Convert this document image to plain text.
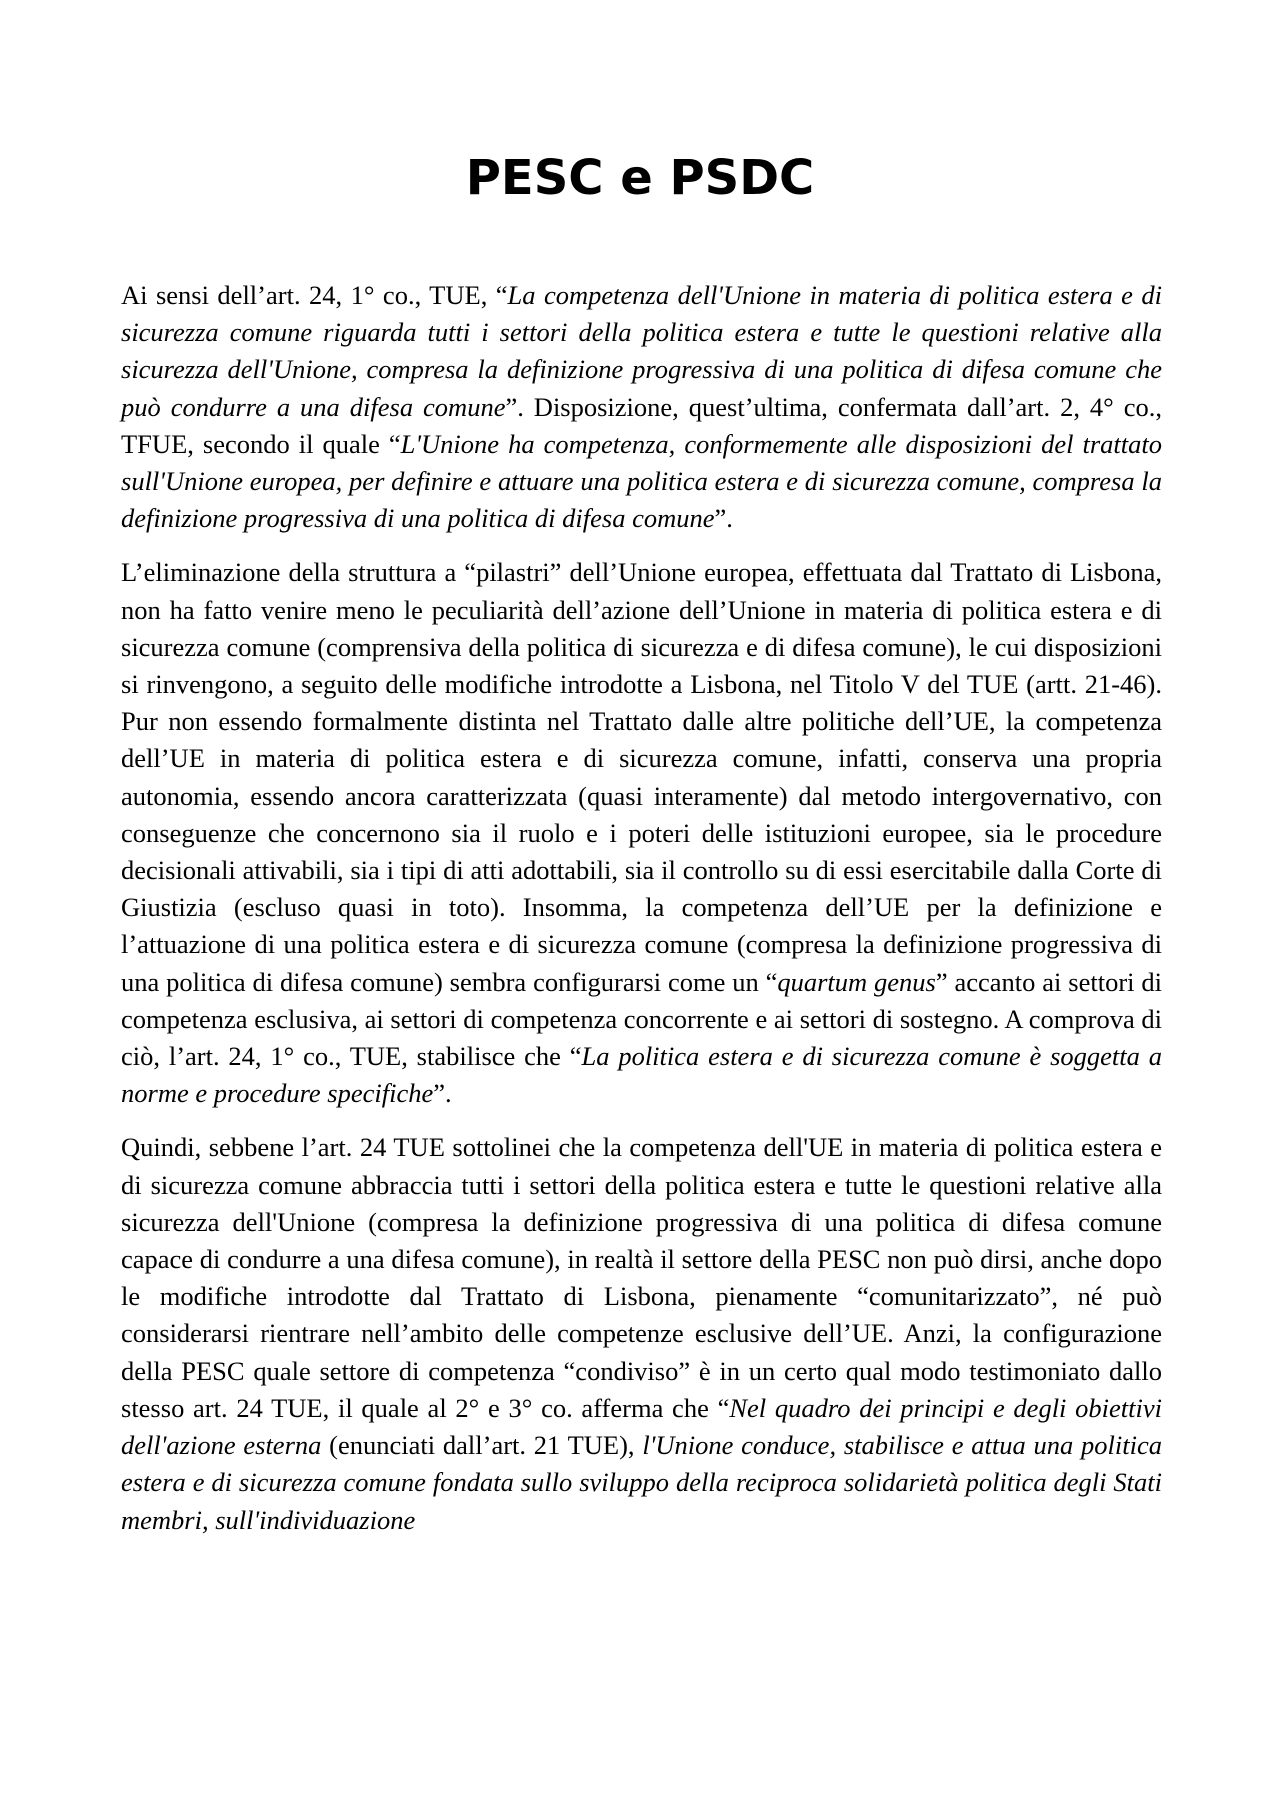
PESC e PSDC

Ai sensi dell’art. 24, 1° co., TUE, “La competenza dell'Unione in materia di politica estera e di sicurezza comune riguarda tutti i settori della politica estera e tutte le questioni relative alla sicurezza dell'Unione, compresa la definizione progressiva di una politica di difesa comune che può condurre a una difesa comune”. Disposizione, quest’ultima, confermata dall’art. 2, 4° co., TFUE, secondo il quale “L'Unione ha competenza, conformemente alle disposizioni del trattato sull'Unione europea, per definire e attuare una politica estera e di sicurezza comune, compresa la definizione progressiva di una politica di difesa comune”.

L’eliminazione della struttura a “pilastri” dell’Unione europea, effettuata dal Trattato di Lisbona, non ha fatto venire meno le peculiarità dell’azione dell’Unione in materia di politica estera e di sicurezza comune (comprensiva della politica di sicurezza e di difesa comune), le cui disposizioni si rinvengono, a seguito delle modifiche introdotte a Lisbona, nel Titolo V del TUE (artt. 21-46). Pur non essendo formalmente distinta nel Trattato dalle altre politiche dell’UE, la competenza dell’UE in materia di politica estera e di sicurezza comune, infatti, conserva una propria autonomia, essendo ancora caratterizzata (quasi interamente) dal metodo intergovernativo, con conseguenze che concernono sia il ruolo e i poteri delle istituzioni europee, sia le procedure decisionali attivabili, sia i tipi di atti adottabili, sia il controllo su di essi esercitabile dalla Corte di Giustizia (escluso quasi in toto). Insomma, la competenza dell’UE per la definizione e l’attuazione di una politica estera e di sicurezza comune (compresa la definizione progressiva di una politica di difesa comune) sembra configurarsi come un “quartum genus” accanto ai settori di competenza esclusiva, ai settori di competenza concorrente e ai settori di sostegno. A comprova di ciò, l’art. 24, 1° co., TUE, stabilisce che “La politica estera e di sicurezza comune è soggetta a norme e procedure specifiche”.

Quindi, sebbene l’art. 24 TUE sottolinei che la competenza dell'UE in materia di politica estera e di sicurezza comune abbraccia tutti i settori della politica estera e tutte le questioni relative alla sicurezza dell'Unione (compresa la definizione progressiva di una politica di difesa comune capace di condurre a una difesa comune), in realtà il settore della PESC non può dirsi, anche dopo le modifiche introdotte dal Trattato di Lisbona, pienamente “comunitarizzato”, né può considerarsi rientrare nell’ambito delle competenze esclusive dell’UE. Anzi, la configurazione della PESC quale settore di competenza “condiviso” è in un certo qual modo testimoniato dallo stesso art. 24 TUE, il quale al 2° e 3° co. afferma che “Nel quadro dei principi e degli obiettivi dell'azione esterna (enunciati dall’art. 21 TUE), l'Unione conduce, stabilisce e attua una politica estera e di sicurezza comune fondata sullo sviluppo della reciproca solidarietà politica degli Stati membri, sull'individuazione
